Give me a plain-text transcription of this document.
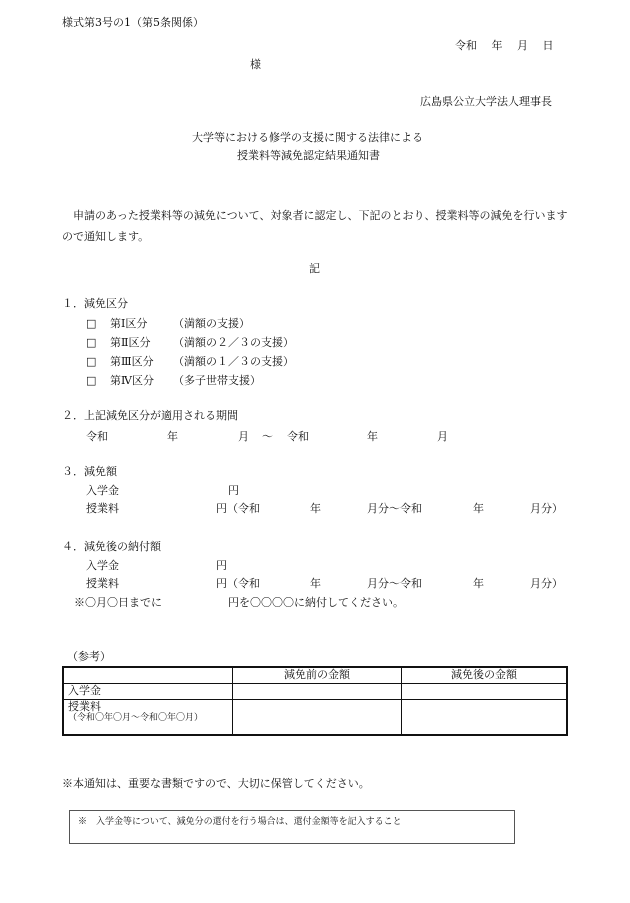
様式第3号の1（第5条関係）
令和　 年　 月　 日
様
広島県公立大学法人理事長
大学等における修学の支援に関する法律による
授業料等減免認定結果通知書
申請のあった授業料等の減免について、対象者に認定し、下記のとおり、授業料等の減免を行いますので通知します。
記
１．減免区分
□ 第Ⅰ区分 （満額の支援）
□ 第Ⅱ区分 （満額の２／３の支援）
□ 第Ⅲ区分 （満額の１／３の支援）
□ 第Ⅳ区分 （多子世帯支援）
２．上記減免区分が適用される期間
令和	年	月 ～ 令和	年	月
３．減免額
入学金	円
授業料	円（令和	年	月分～令和	年	月分）
４．減免後の納付額
入学金	円
授業料	円（令和	年	月分～令和	年	月分）
※〇月〇日までに	円を〇〇〇〇に納付してください。
（参考）
	減免前の金額	減免後の金額
入学金		

授業料
（令和〇年〇月～令和〇年〇月）		

※本通知は、重要な書類ですので、大切に保管してください。
※　入学金等について、減免分の還付を行う場合は、還付金額等を記入すること
